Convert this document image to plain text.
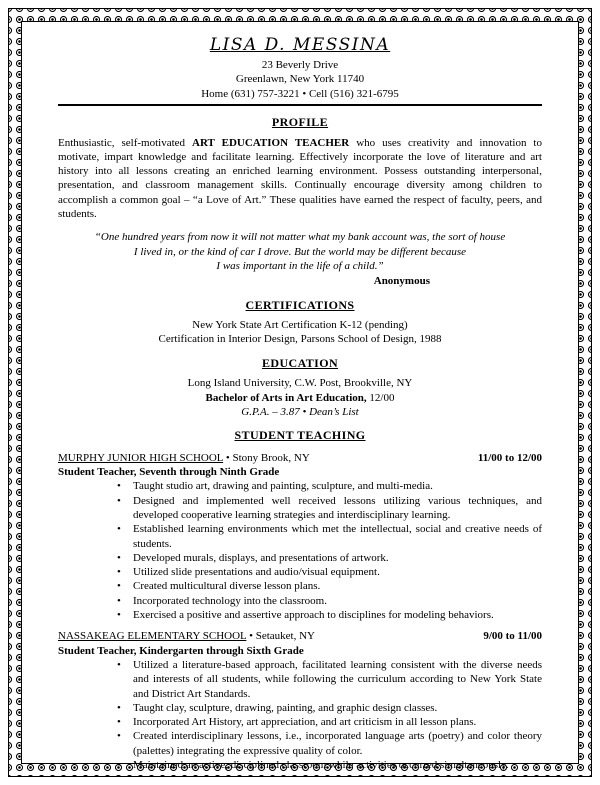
LISA D. MESSINA
23 Beverly Drive
Greenlawn, New York 11740
Home (631) 757-3221 • Cell (516) 321-6795
PROFILE

Enthusiastic, self-motivated ART EDUCATION TEACHER who uses creativity and innovation to motivate, impart knowledge and facilitate learning. Effectively incorporate the love of literature and art history into all lessons creating an enriched learning environment. Possess outstanding interpersonal, presentation, and classroom management skills. Continually encourage diversity among children to accomplish a common goal – “a Love of Art.” These qualities have earned the respect of faculty, peers, and students.

“One hundred years from now it will not matter what my bank account was, the sort of house
I lived in, or the kind of car I drove. But the world may be different because
I was important in the life of a child.”
Anonymous
CERTIFICATIONS
New York State Art Certification K-12 (pending)
Certification in Interior Design, Parsons School of Design, 1988
EDUCATION
Long Island University, C.W. Post, Brookville, NY
Bachelor of Arts in Art Education, 12/00
G.P.A. – 3.87 • Dean’s List
STUDENT TEACHING
MURPHY JUNIOR HIGH SCHOOL • Stony Brook, NY	11/00 to 12/00
Student Teacher, Seventh through Ninth Grade
• Taught studio art, drawing and painting, sculpture, and multi-media.
• Designed and implemented well received lessons utilizing various techniques, and developed cooperative learning strategies and interdisciplinary learning.
• Established learning environments which met the intellectual, social and creative needs of students.
• Developed murals, displays, and presentations of artwork.
• Utilized slide presentations and audio/visual equipment.
• Created multicultural diverse lesson plans.
• Incorporated technology into the classroom.
• Exercised a positive and assertive approach to disciplines for modeling behaviors.
NASSAKEAG ELEMENTARY SCHOOL • Setauket, NY	9/00 to 11/00
Student Teacher, Kindergarten through Sixth Grade
• Utilized a literature-based approach, facilitated learning consistent with the diverse needs and interests of all students, while following the curriculum according to New York State and District Art Standards.
• Taught clay, sculpture, drawing, painting, and graphic design classes.
• Incorporated Art History, art appreciation, and art criticism in all lesson plans.
• Created interdisciplinary lessons, i.e., incorporated language arts (poetry) and color theory (palettes) integrating the expressive quality of color.
• Maintained an active, disciplined classroom while activities occurred simultaneously.
